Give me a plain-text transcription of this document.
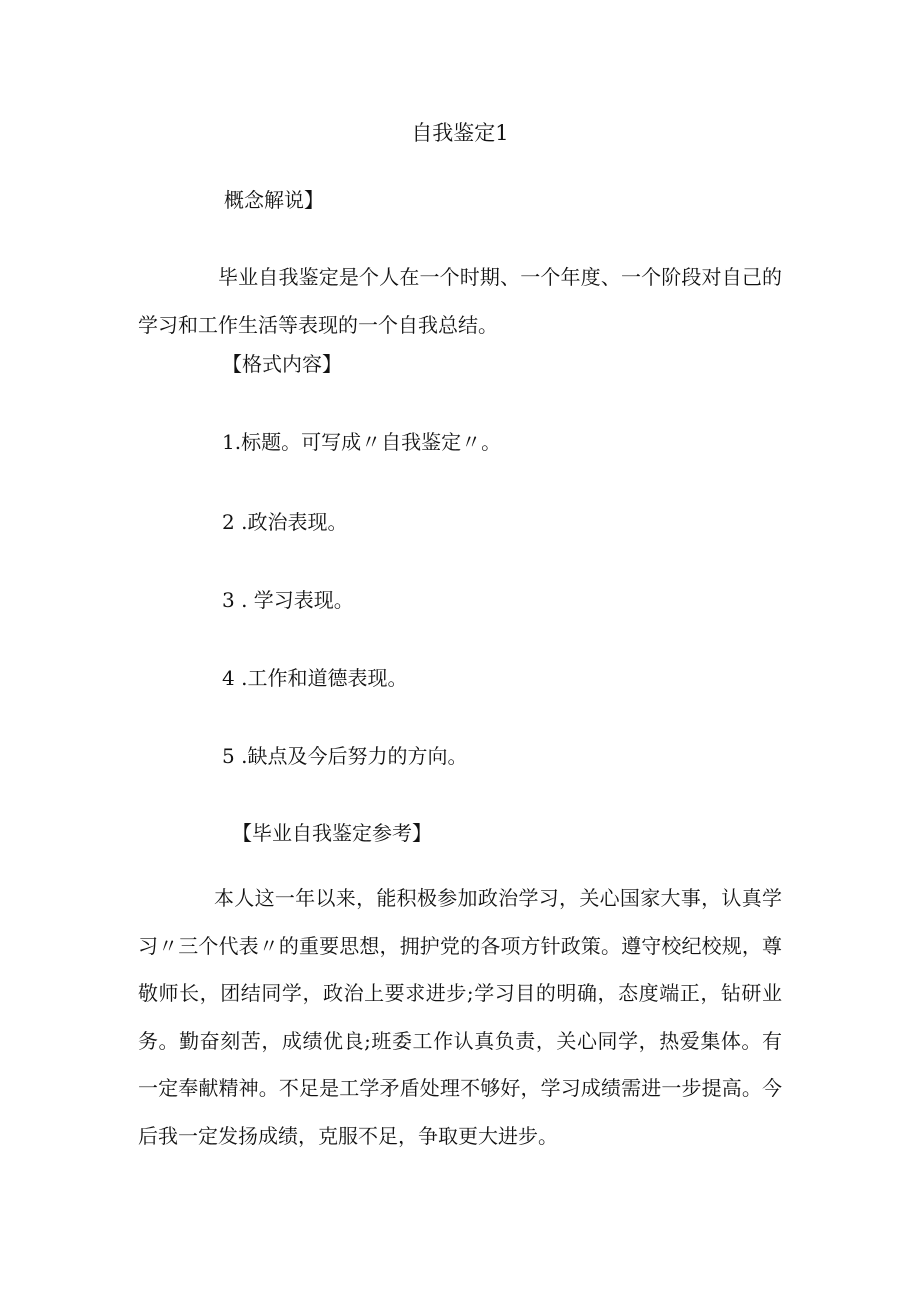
自我鉴定1
概念解说】
毕业自我鉴定是个人在一个时期、一个年度、一个阶段对自己的学习和工作生活等表现的一个自我总结。
【格式内容】
1.标题。可写成〃自我鉴定〃。
2 .政治表现。
3 . 学习表现。
4 .工作和道德表现。
5 .缺点及今后努力的方向。
【毕业自我鉴定参考】
本人这一年以来，能积极参加政治学习，关心国家大事，认真学习〃三个代表〃的重要思想，拥护党的各项方针政策。遵守校纪校规，尊敬师长，团结同学，政治上要求进步;学习目的明确，态度端正，钻研业务。勤奋刻苦，成绩优良;班委工作认真负责，关心同学，热爱集体。有一定奉献精神。不足是工学矛盾处理不够好，学习成绩需进一步提高。今后我一定发扬成绩，克服不足，争取更大进步。
